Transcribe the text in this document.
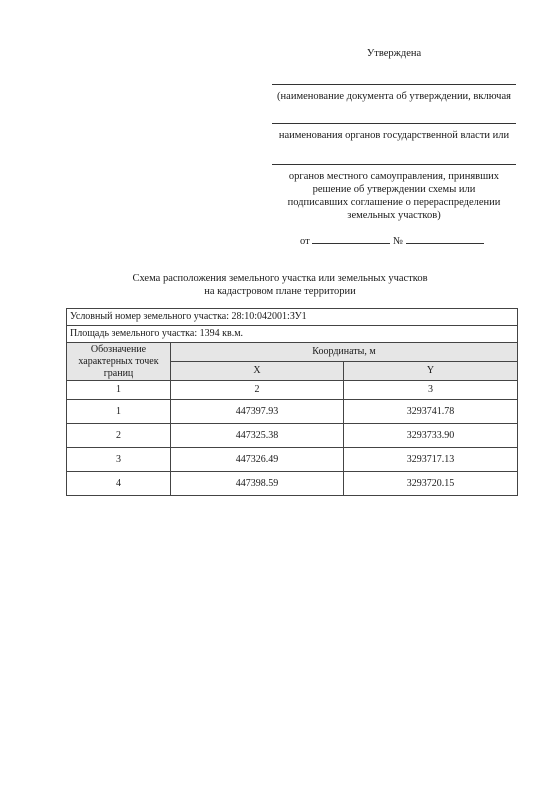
Утверждена
(наименование документа об утверждении, включая
наименования органов государственной власти или
органов местного самоуправления, принявших решение об утверждении схемы или подписавших соглашение о перераспределении земельных участков)
от	№
Схема расположения земельного участка или земельных участков
на кадастровом плане территории
Условный номер земельного участка: 28:10:042001:ЗУ1		
Площадь земельного участка: 1394 кв.м.		
Обозначение характерных точек границ	Координаты, м	
	X	Y
1	2	3
1	447397.93	3293741.78
2	447325.38	3293733.90
3	447326.49	3293717.13
4	447398.59	3293720.15
